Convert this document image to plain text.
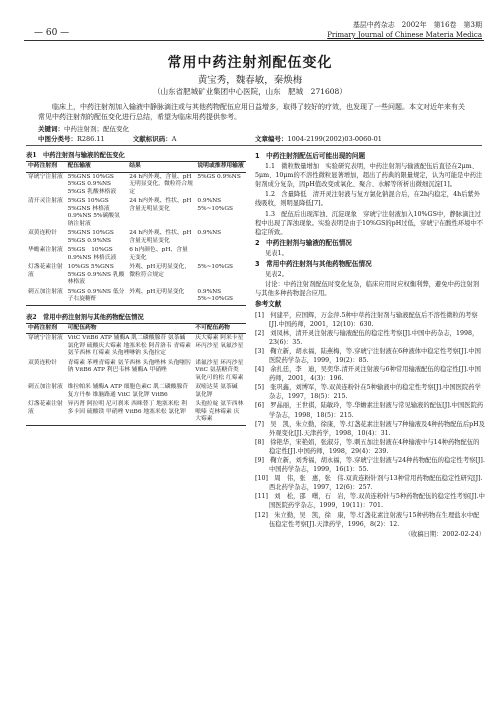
— 60 —
基层中药杂志　2002年　第16卷　第3期
Primary Journal of Chinese Materia Medica
常用中药注射剂配伍变化
黄宝秀，魏春敏，秦焕梅
（山东省肥城矿业集团中心医院，山东　肥城　271608）

临床上，中药注射剂加入输液中静脉滴注或与其他药物配伍应用日益增多，取得了较好的疗效，也发现了一些问题。本文对近年来有关常见中药注射剂的配伍变化进行总结，希望为临床用药提供参考。

关键词：中药注射剂；配伍变化
中图分类号：R286.11	文献标识码：A	文章编号：1004-2199(2002)03-0060-01
表1　中药注射剂与输液的配伍变化
中药注射剂	配伍输液	结果	说明或推荐用输液
穿琥宁注射液	5%GNS 10%GS 5%GS 0.9%NS 5%GS 乳酸林格液	24 h内外观、含量、pH无明显变化，微粒符合规定	5%GS 0.9%NS
清开灵注射液	5%GS 10%GS 5%GNS 林格液 0.9%NS 5%碳酸氢钠注射液	24 h内外观、性状、pH含量无明显变化	0.9%NS 5%~10%GS
双黄连粉针	5%GNS 10%GS 5%GS 0.9%NS	24 h内外观、性状、pH含量无明显变化	0.9%NS
华蟾素注射液	5%GS　10%GS 0.9%NS 林格氏液	6 h内颜色、pH、含量无变化	
灯盏花素注射液	10%GS 5%GNS 5%GS 0.9%NS 乳酸林格液	外观、pH无明显变化，微粒符合规定	5%~10%GS
刺五加注射液	5%GS 0.9%NS 低分子右旋糖酐	外观、pH无明显变化	0.9%NS 5%~10%GS
表2　常用中药注射剂与其他药物配伍情况
中药注射剂	可配伍药物	不可配伍药物
穿琥宁注射液	VitC VitB6 ATP 辅酶A 肌二磷酸腺苷 氨茶碱 氯化钾 硫酸庆大霉素 地塞米松 阿昔洛韦 青霉素 氨苄西林 红霉素 头孢唑啉钠 头孢拉定	庆大霉素 阿米卡星 环丙沙星 氧氟沙星
双黄连粉针	青霉素 苯唑青霉素 氨苄西林 头孢唑林 头孢噻肟钠 VitB6 ATP 利巴韦林 辅酶A 甲硝唑	诺氟沙星 环丙沙星 VitC 氨基糖苷类 氧化可的松 红霉素
刺五加注射液	维拉帕米 辅酶A ATP 细胞色素C 肌二磷酸腺苷 复方丹参 维脑路通 VitC 氯化钾 VitB6	双嘧达莫 氨茶碱 氯化钾
灯盏花素注射液	异丙肾 阿拉明 尼可刹米 西咪替丁 地塞米松 利多卡因 硫酸镁 甲硝唑 VitB6 地塞米松 氯化钾	头孢拉啶 氨苄西林 哌嗪 克林霉素 庆大霉素
1　中药注射剂配伍后可能出现的问题

1.1　微粒数量增加　实验研究表明，中药注射剂与输液配伍后直径在2μm、5μm、10μm的不溶性微粒显著增加，超出了药典的限量规定，认为可能是中药注射剂成分复杂，因pH值改变或氧化、聚合、水解等所析出微细沉淀[1]。

1.2　含量降低　清开灵注射液与复方氯化钠混合后，在2h内稳定，4h后紫外线吸收，则明显降低[7]。

1.3　配伍后出现浑浊、沉淀现象　穿琥宁注射液加入10%GS中，静脉滴注过程中出现了浑浊现象。实验表明是由于10%GS的pH过低，穿琥宁在酸性环境中不稳定所致。

2　中药注射剂与输液的配伍情况

见表1。

3　常用中药注射剂与其他药物配伍情况

见表2。

讨论：中药注射剂配伍时变化复杂，临床应用时应权衡利弊，避免中药注射剂与其他多种药物混合应用。

参考文献
[1]　何建平，应国辉，万金萍.5种中草药注射剂与输液配伍后不溶性微粒的考察[J].中国药师，2001，12(10)：630.
[2]　刘凤林，清开灵注射液与输液配伍的稳定性考察[J].中国中药杂志，1998，23(6)：35.
[3]　鞠立新，胡永福，陆燕梅，等.穿琥宁注射液在6种液体中稳定性考察[J].中国医院药学杂志，1999，19(2)：85.
[4]　余扎廷，李　迪，吴奕华.清开灵注射液与6种常用输液配伍的稳定性[J].中国药师，2001，4(3)：196.
[5]　张巩鑫，刘博军，等.双黄连粉针在5种输液中的稳定性考察[J].中国医院药学杂志，1997，18(5)：215.
[6]　罗晶丽，王世祺，陆敏玲，等.华蟾素注射液与常见输液的配伍[J].中国医院药学杂志，1998，18(5)：215.
[7]　吴　凯，朱立勤，徐康，等.灯盏花素注射液与7种输液及4种药物配伍后pH及外观变化[J].天津药学，1998，10(4)：31.
[8]　徐艳华，宋艳娟，张淑芬，等.刺五加注射液在4种输液中与14种药物配伍的稳定性[J].中国药师，1998，29(4)：239.
[9]　鞠立新，刘秀福，胡永福，等.穿琥宁注射液与24种药物配伍的稳定性考察[J].中国药学杂志，1999，16(1)：55.
[10]　周　伟，张　惠，张　伟.双黄连粉针剂与13种常用药物配伍稳定性研究[J].西北药学杂志，1997，12(6)：257.
[11]　刘　松，邵　曙，石　岩，等.双黄连粉针与5种药物配伍的稳定性考察[J].中国医院药学杂志，1999，19(11)：701.
[12]　朱立勤，吴　凯，徐　康，等.灯盏花素注射液与15种药物在生理盐水中配伍稳定性考察[J].天津药学，1996，8(2)：12.
（收稿日期：2002-02-24）
